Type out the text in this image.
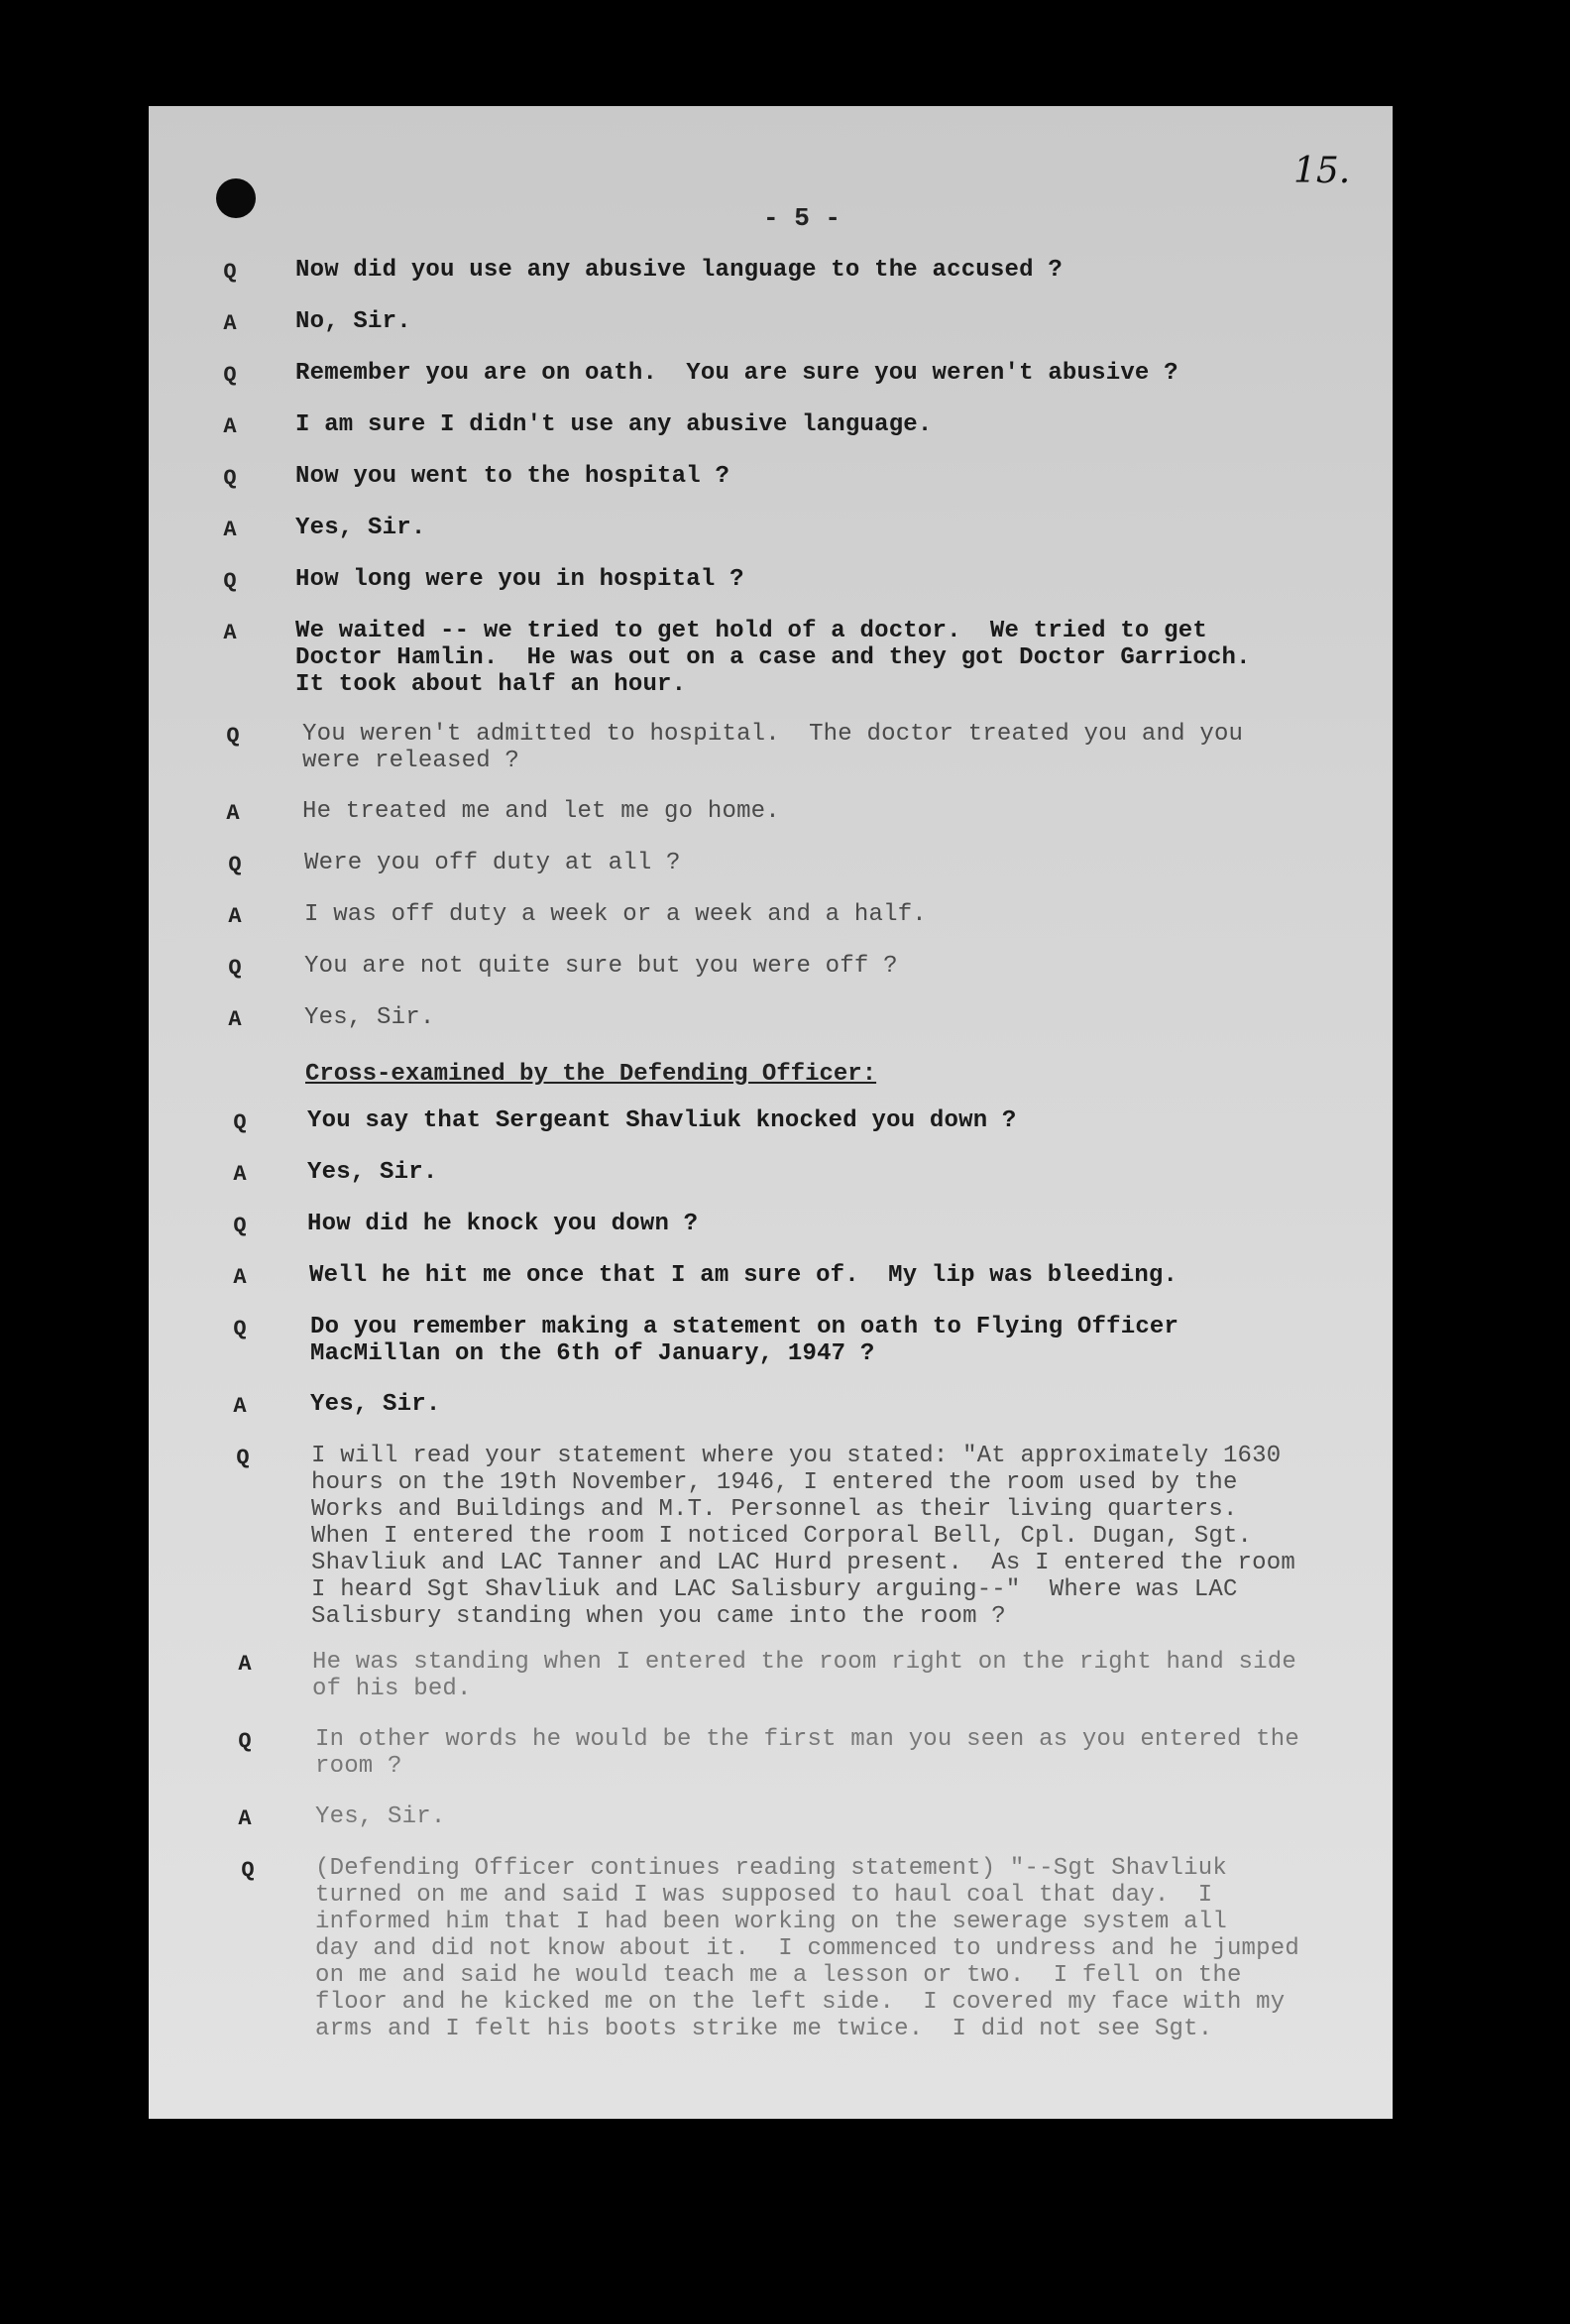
15.
- 5 -
Cross-examined by the Defending Officer:
Q	Now did you use any abusive language to the accused ?
A	No, Sir.
Q	Remember you are on oath.  You are sure you weren't abusive ?
A	I am sure I didn't use any abusive language.
Q	Now you went to the hospital ?
A	Yes, Sir.
Q	How long were you in hospital ?
A	We waited -- we tried to get hold of a doctor.  We tried to get
Doctor Hamlin.  He was out on a case and they got Doctor Garrioch.
It took about half an hour.
Q	You weren't admitted to hospital.  The doctor treated you and you
were released ?
A	He treated me and let me go home.
Q	Were you off duty at all ?
A	I was off duty a week or a week and a half.
Q	You are not quite sure but you were off ?
A	Yes, Sir.
Q	You say that Sergeant Shavliuk knocked you down ?
A	Yes, Sir.
Q	How did he knock you down ?
A	Well he hit me once that I am sure of.  My lip was bleeding.
Q	Do you remember making a statement on oath to Flying Officer
MacMillan on the 6th of January, 1947 ?
A	Yes, Sir.
Q	I will read your statement where you stated: "At approximately 1630
hours on the 19th November, 1946, I entered the room used by the
Works and Buildings and M.T. Personnel as their living quarters.
When I entered the room I noticed Corporal Bell, Cpl. Dugan, Sgt.
Shavliuk and LAC Tanner and LAC Hurd present.  As I entered the room
I heard Sgt Shavliuk and LAC Salisbury arguing--"  Where was LAC
Salisbury standing when you came into the room ?
A	He was standing when I entered the room right on the right hand side
of his bed.
Q	In other words he would be the first man you seen as you entered the
room ?
A	Yes, Sir.
Q	(Defending Officer continues reading statement) "--Sgt Shavliuk
turned on me and said I was supposed to haul coal that day.  I
informed him that I had been working on the sewerage system all
day and did not know about it.  I commenced to undress and he jumped
on me and said he would teach me a lesson or two.  I fell on the
floor and he kicked me on the left side.  I covered my face with my
arms and I felt his boots strike me twice.  I did not see Sgt.
